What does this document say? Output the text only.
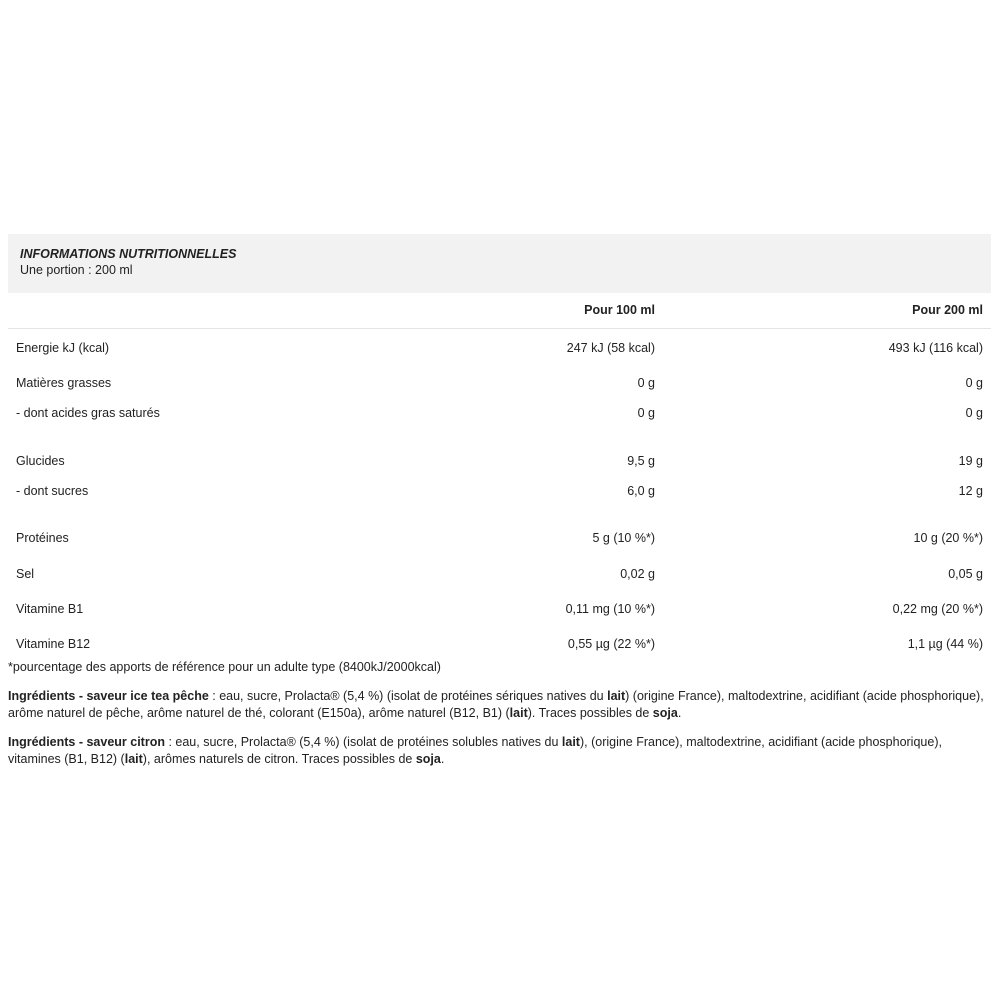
INFORMATIONS NUTRITIONNELLES
Une portion : 200 ml
Pour 100 ml	Pour 200 ml
Energie kJ (kcal)	247 kJ (58 kcal)	493 kJ (116 kcal)
Matières grasses	0 g	0 g
- dont acides gras saturés	0 g	0 g
Glucides	9,5 g	19 g
- dont sucres	6,0 g	12 g
Protéines	5 g (10 %*)	10 g (20 %*)
Sel	0,02 g	0,05 g
Vitamine B1	0,11 mg (10 %*)	0,22 mg (20 %*)
Vitamine B12	0,55 µg (22 %*)	1,1 µg (44 %)
*pourcentage des apports de référence pour un adulte type (8400kJ/2000kcal)
Ingrédients - saveur ice tea pêche : eau, sucre, Prolacta® (5,4 %) (isolat de protéines sériques natives du lait) (origine France), maltodextrine, acidifiant (acide phosphorique), arôme naturel de pêche, arôme naturel de thé, colorant (E150a), arôme naturel (B12, B1) (lait). Traces possibles de soja.
Ingrédients - saveur citron : eau, sucre, Prolacta® (5,4 %) (isolat de protéines solubles natives du lait), (origine France), maltodextrine, acidifiant (acide phosphorique), vitamines (B1, B12) (lait), arômes naturels de citron. Traces possibles de soja.
